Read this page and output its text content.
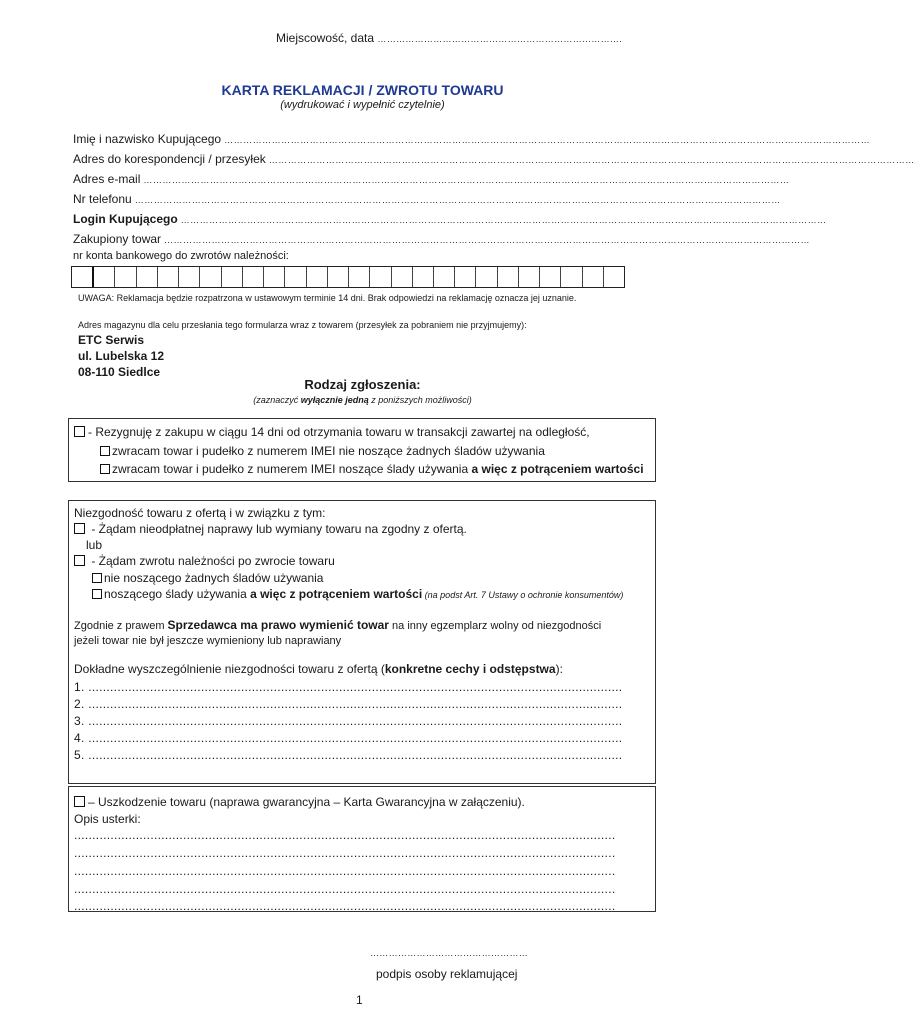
Miejscowość, data …………………………………………………………………….
KARTA REKLAMACJI / ZWROTU TOWARU
(wydrukować i wypełnić czytelnie)
Imię i nazwisko Kupującego ……………………………………………………………………………………………………………………………………………………………………………………
Adres do korespondencji / przesyłek ……………………………………………………………………………………………………………………………………………………………………………………
Adres e-mail ……………………………………………………………………………………………………………………………………………………………………………………
Nr telefonu ……………………………………………………………………………………………………………………………………………………………………………………
Login Kupującego ……………………………………………………………………………………………………………………………………………………………………………………
Zakupiony towar ……………………………………………………………………………………………………………………………………………………………………………………
nr konta bankowego do zwrotów należności:
UWAGA: Reklamacja będzie rozpatrzona w ustawowym terminie 14 dni. Brak odpowiedzi na reklamację oznacza jej uznanie.
Adres magazynu dla celu przesłania tego formularza wraz z towarem (przesyłek za pobraniem nie przyjmujemy):
ETC Serwis
ul. Lubelska 12
08-110 Siedlce
Rodzaj zgłoszenia:
(zaznaczyć wyłącznie jedną z poniższych możliwości)
- Rezygnuję z zakupu w ciągu 14 dni od otrzymania towaru w transakcji zawartej na odległość,
zwracam towar i pudełko z numerem IMEI nie noszące żadnych śladów używania
zwracam towar i pudełko z numerem IMEI noszące ślady używania a więc z potrąceniem wartości
Niezgodność towaru z ofertą i w związku z tym:
- Żądam nieodpłatnej naprawy lub wymiany towaru na zgodny z ofertą.
lub
- Żądam zwrotu należności po zwrocie towaru
nie noszącego żadnych śladów używania
noszącego ślady używania a więc z potrąceniem wartości (na podst Art. 7 Ustawy o ochronie konsumentów)
Zgodnie z prawem Sprzedawca ma prawo wymienić towar na inny egzemplarz wolny od niezgodności
jeżeli towar nie był jeszcze wymieniony lub naprawiany
Dokładne wyszczególnienie niezgodności towaru z ofertą (konkretne cechy i odstępstwa):
1. ...................................................................................................................................................
2. ...................................................................................................................................................
3. ...................................................................................................................................................
4. ...................................................................................................................................................
5. ...................................................................................................................................................
– Uszkodzenie towaru (naprawa gwarancyjna – Karta Gwarancyjna w załączeniu).
Opis usterki:
.....................................................................................................................................................
.....................................................................................................................................................
.....................................................................................................................................................
.....................................................................................................................................................
.....................................................................................................................................................
……………………………………………
podpis osoby reklamującej
1
